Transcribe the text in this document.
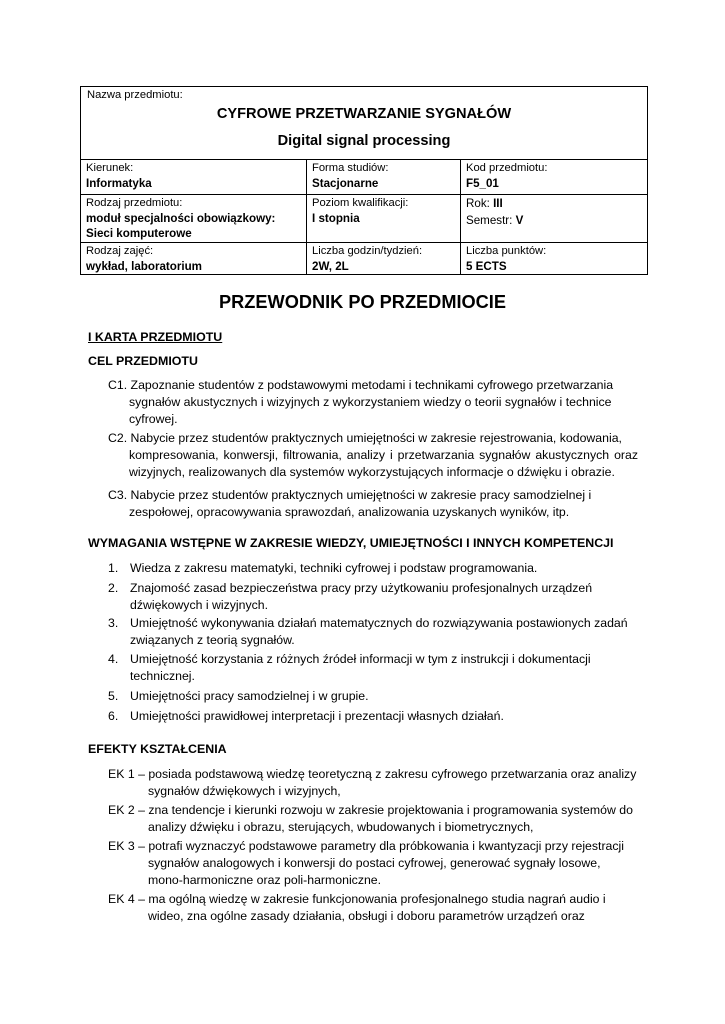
Nazwa przedmiotu:
CYFROWE PRZETWARZANIE SYGNAŁÓW
Digital signal processing
Kierunek:
Informatyka
Forma studiów:
Stacjonarne
Kod przedmiotu:
F5_01
Rodzaj przedmiotu:
moduł specjalności obowiązkowy:
Sieci komputerowe
Poziom kwalifikacji:
I stopnia
Rok: III
Semestr: V
Rodzaj zajęć:
wykład, laboratorium
Liczba godzin/tydzień:
2W, 2L
Liczba punktów:
5 ECTS
PRZEWODNIK PO PRZEDMIOCIE
I KARTA PRZEDMIOTU
CEL PRZEDMIOTU
C1. Zapoznanie studentów z podstawowymi metodami i technikami cyfrowego przetwarzania
sygnałów akustycznych i wizyjnych z wykorzystaniem wiedzy o teorii sygnałów i technice cyfrowej.
C2. Nabycie przez studentów praktycznych umiejętności w zakresie rejestrowania, kodowania,
kompresowania, konwersji, filtrowania, analizy i przetwarzania sygnałów akustycznych oraz wizyjnych, realizowanych dla systemów wykorzystujących informacje o dźwięku i obrazie.
C3. Nabycie przez studentów praktycznych umiejętności w zakresie pracy samodzielnej i
zespołowej, opracowywania sprawozdań, analizowania uzyskanych wyników, itp.
WYMAGANIA WSTĘPNE W ZAKRESIE WIEDZY, UMIEJĘTNOŚCI I INNYCH KOMPETENCJI
1. Wiedza z zakresu matematyki, techniki cyfrowej i podstaw programowania.
2. Znajomość zasad bezpieczeństwa pracy przy użytkowaniu profesjonalnych urządzeń dźwiękowych i wizyjnych.
3. Umiejętność wykonywania działań matematycznych do rozwiązywania postawionych zadań związanych z teorią sygnałów.
4. Umiejętność korzystania z różnych źródeł informacji w tym z instrukcji i dokumentacji technicznej.
5. Umiejętności pracy samodzielnej i w grupie.
6. Umiejętności prawidłowej interpretacji i prezentacji własnych działań.
EFEKTY KSZTAŁCENIA
EK 1 – posiada podstawową wiedzę teoretyczną z zakresu cyfrowego przetwarzania oraz analizy
sygnałów dźwiękowych i wizyjnych,
EK 2 – zna tendencje i kierunki rozwoju w zakresie projektowania i programowania systemów do
analizy dźwięku i obrazu, sterujących, wbudowanych i biometrycznych,
EK 3 – potrafi wyznaczyć podstawowe parametry dla próbkowania i kwantyzacji przy rejestracji
sygnałów analogowych i konwersji do postaci cyfrowej, generować sygnały losowe, mono-harmoniczne oraz poli-harmoniczne.
EK 4 – ma ogólną wiedzę w zakresie funkcjonowania profesjonalnego studia nagrań audio i
wideo, zna ogólne zasady działania, obsługi i doboru parametrów urządzeń oraz
